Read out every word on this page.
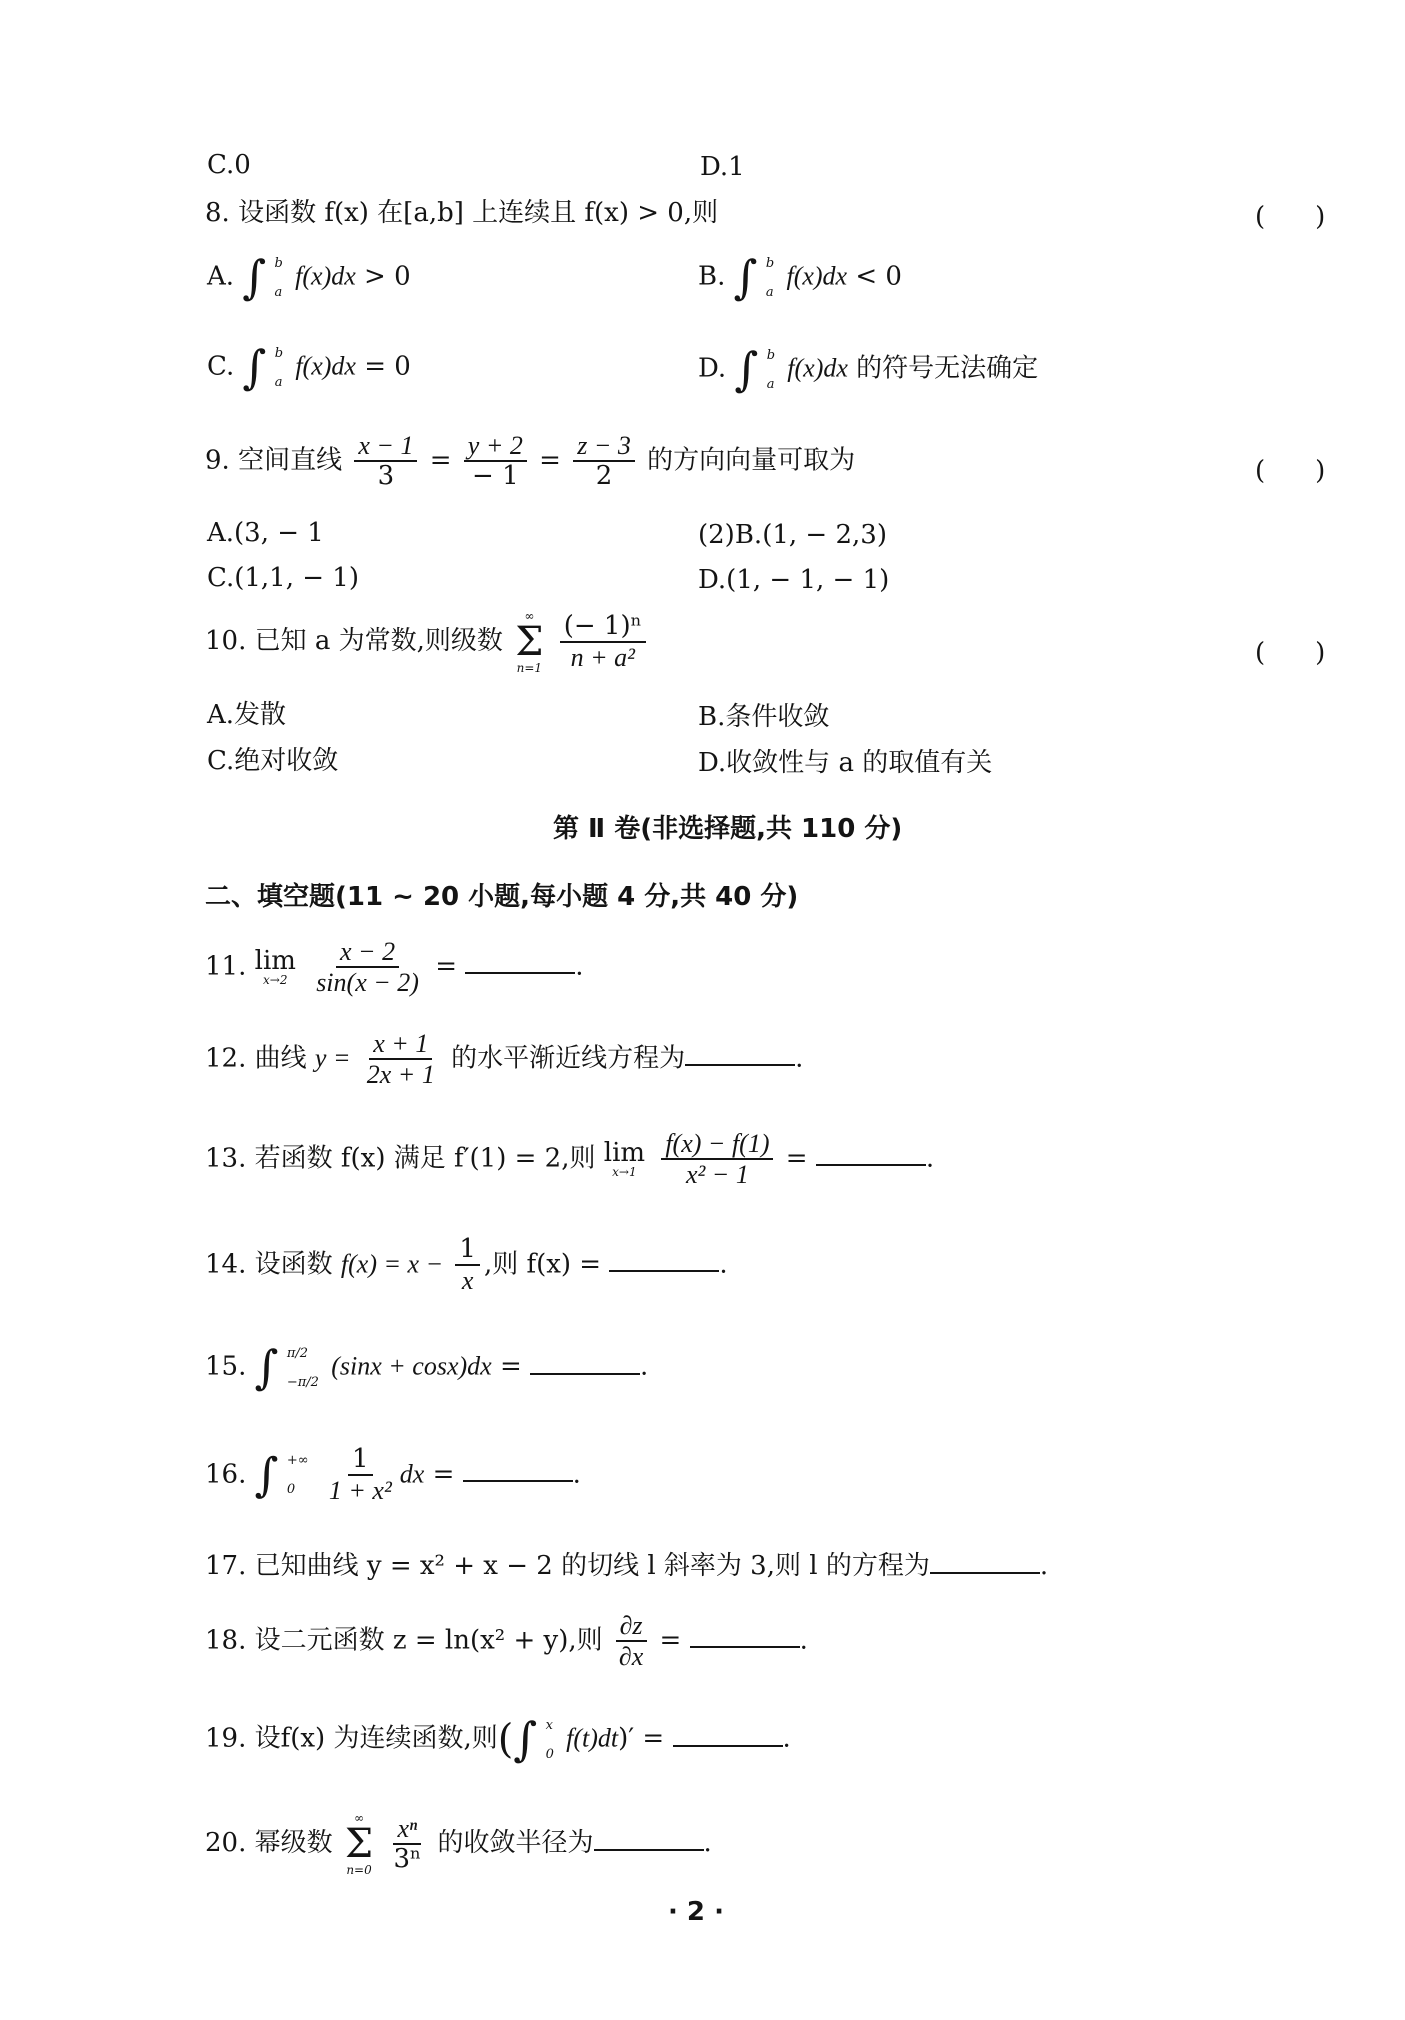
C.0	D.1
8. 设函数 f(x) 在[a,b] 上连续且 f(x) > 0,则	( )
A. ∫ b
a
f(x)dx > 0	B. ∫ b
a
f(x)dx < 0
C. ∫ b
a
f(x)dx = 0	D. ∫ b
a
f(x)dx 的符号无法确定
9. 空间直线 $\frac{x - 1}{3} = \frac{y + 2}{- 1} = \frac{z - 3}{2}$ 的方向向量可取为	( )
A.(3, − 1	(2)B.(1, − 2,3)
C.(1,1, − 1)	D.(1, − 1, − 1)
10. 已知 a 为常数,则级数
∞
Σ
n=1
$\frac{\text{(− 1)ⁿ}}{\text{n + a²}}$	( )
A.发散	B.条件收敛
C.绝对收敛	D.收敛性与 a 的取值有关
第 Ⅱ 卷(非选择题,共 110 分)
二、填空题(11 ~ 20 小题,每小题 4 分,共 40 分)
11. lim
x→2
$\frac{x - 2}{\sin(x - 2)}$ =	.
12. 曲线 $y = \frac{x + 1}{2x + 1}$ 的水平渐近线方程为	.
13. 若函数 f(x) 满足 f′(1) = 2,则 lim
x→1
$\frac{f(x) - f(1)}{\text{x² − 1}}$ =	.
14. 设函数 $f(x) = x - \frac{1}{x}$ ,则 f(x) =	.
15. ∫ π/2
−π/2
(sinx + cosx)dx =	.
16. ∫ +∞
0
	$\frac{1}{\text{1 + x²}}$ dx =	.
17. 已知曲线 y = x² + x − 2 的切线 l 斜率为 3,则 l 的方程为	.
18. 设二元函数 z = ln(x² + y),则 $\frac{\partial z}{\partial x}$ =	.
19. 设f(x) 为连续函数,则(∫ x
0
f(t)dt)′ =	.
20. 幂级数
∞
Σ
n=0
$\frac{\text{xⁿ}}{\text{3ⁿ}}$ 的收敛半径为	.
· 2 ·
